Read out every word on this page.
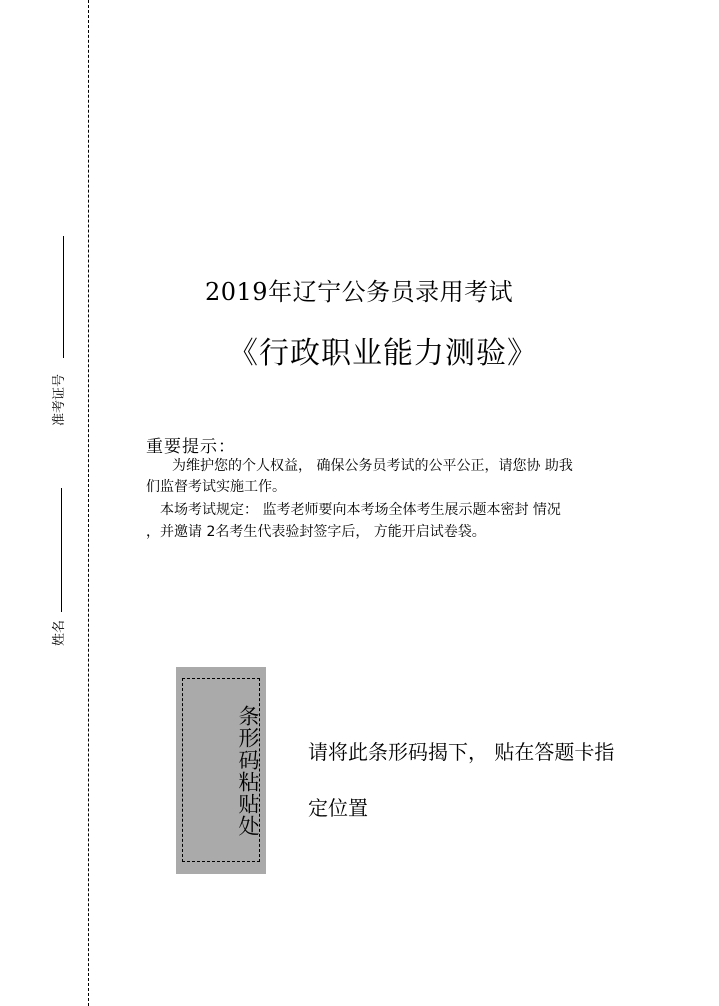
准考证号
姓名
2019年辽宁公务员录用考试
《行政职业能力测验》
重要提示：
为维护您的个人权益， 确保公务员考试的公平公正，请您协 助我
们监督考试实施工作。
本场考试规定： 监考老师要向本考场全体考生展示题本密封 情况
，并邀请 2名考生代表验封签字后， 方能开启试卷袋。
条形码粘贴处 请将此条形码揭下， 贴在答题卡指
定位置
